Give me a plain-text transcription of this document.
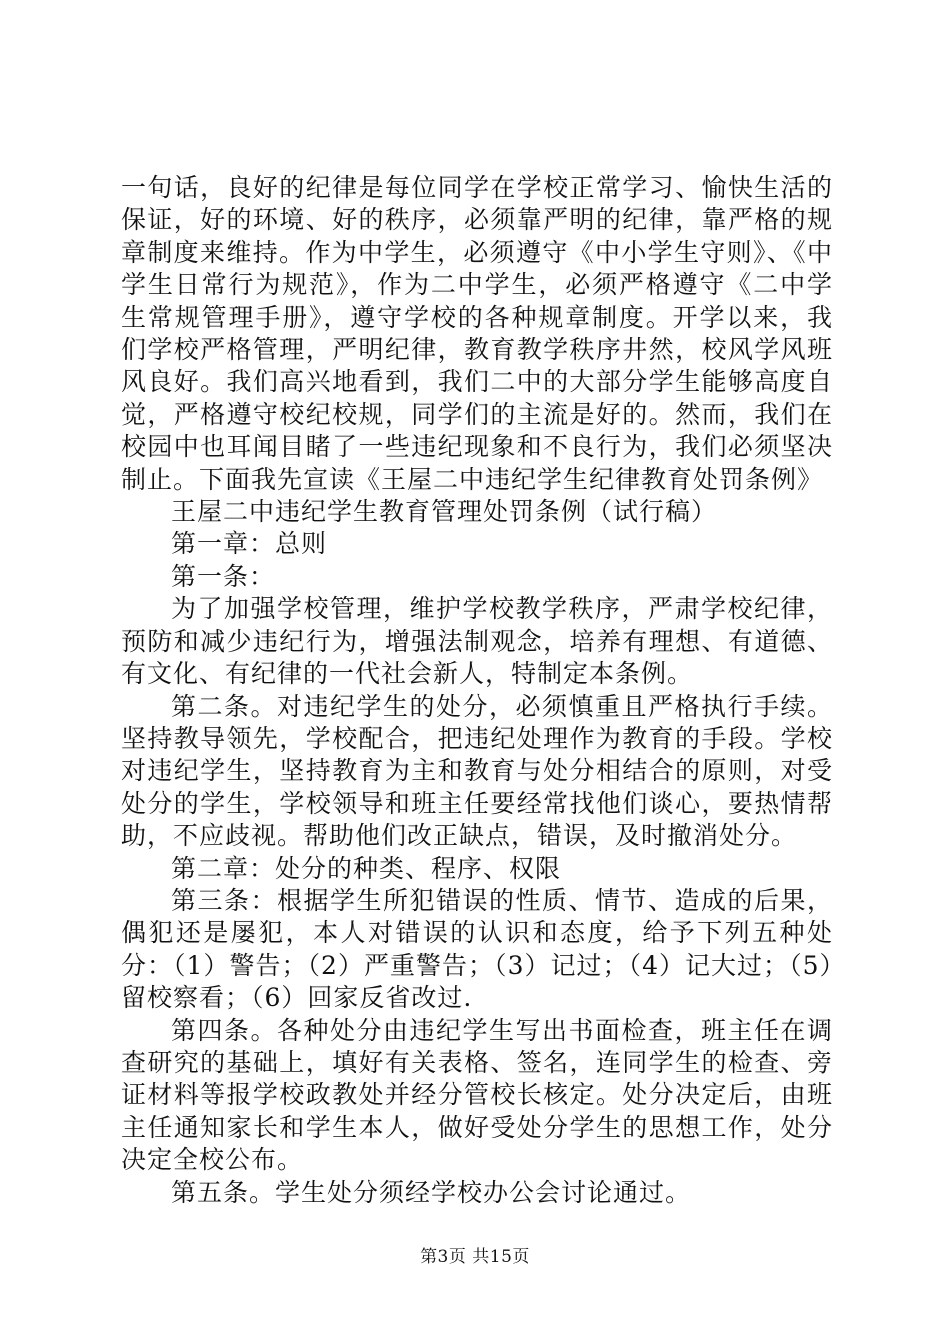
一句话，良好的纪律是每位同学在学校正常学习、愉快生活的保证，好的环境、好的秩序，必须靠严明的纪律，靠严格的规章制度来维持。作为中学生，必须遵守《中小学生守则》、《中学生日常行为规范》，作为二中学生，必须严格遵守《二中学生常规管理手册》，遵守学校的各种规章制度。开学以来，我们学校严格管理，严明纪律，教育教学秩序井然，校风学风班风良好。我们高兴地看到，我们二中的大部分学生能够高度自觉，严格遵守校纪校规，同学们的主流是好的。然而，我们在校园中也耳闻目睹了一些违纪现象和不良行为，我们必须坚决制止。下面我先宣读《王屋二中违纪学生纪律教育处罚条例》

王屋二中违纪学生教育管理处罚条例（试行稿）

第一章：总则

第一条：

为了加强学校管理，维护学校教学秩序，严肃学校纪律，预防和减少违纪行为，增强法制观念，培养有理想、有道德、有文化、有纪律的一代社会新人，特制定本条例。

第二条。对违纪学生的处分，必须慎重且严格执行手续。坚持教导领先，学校配合，把违纪处理作为教育的手段。学校对违纪学生，坚持教育为主和教育与处分相结合的原则，对受处分的学生，学校领导和班主任要经常找他们谈心，要热情帮助，不应歧视。帮助他们改正缺点，错误，及时撤消处分。

第二章：处分的种类、程序、权限

第三条：根据学生所犯错误的性质、情节、造成的后果，偶犯还是屡犯，本人对错误的认识和态度，给予下列五种处分：（1）警告；（2）严重警告；（3）记过；（4）记大过；（5）留校察看；（6）回家反省改过.

第四条。各种处分由违纪学生写出书面检查，班主任在调查研究的基础上，填好有关表格、签名，连同学生的检查、旁证材料等报学校政教处并经分管校长核定。处分决定后，由班主任通知家长和学生本人，做好受处分学生的思想工作，处分决定全校公布。

第五条。学生处分须经学校办公会讨论通过。

第3页 共15页
